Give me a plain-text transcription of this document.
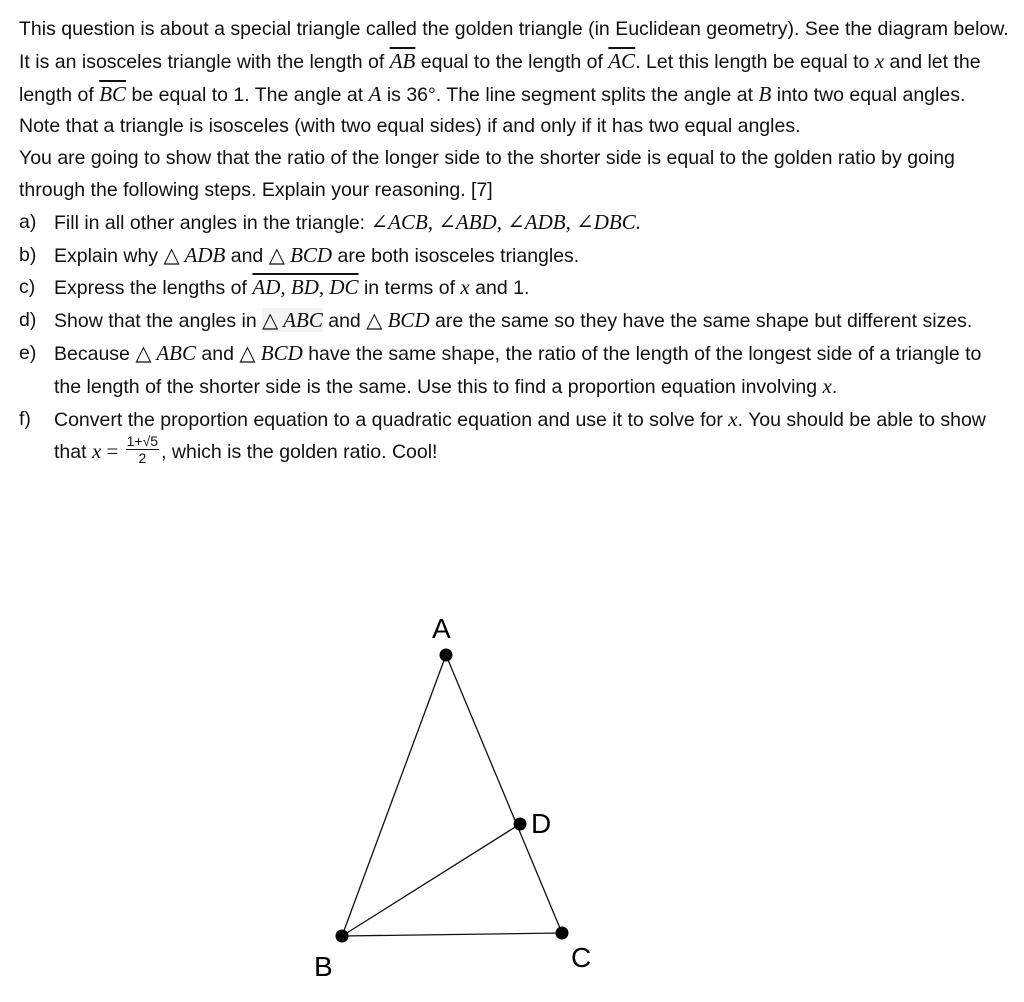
This question is about a special triangle called the golden triangle (in Euclidean geometry). See the diagram below. It is an isosceles triangle with the length of $\overline{AB}$ equal to the length of $\overline{AC}$. Let this length be equal to x and let the length of $\overline{BC}$ be equal to 1. The angle at A is 36°. The line segment splits the angle at B into two equal angles. Note that a triangle is isosceles (with two equal sides) if and only if it has two equal angles.

You are going to show that the ratio of the longer side to the shorter side is equal to the golden ratio by going through the following steps. Explain your reasoning. [7]

a) Fill in all other angles in the triangle: ∠ACB, ∠ABD, ∠ADB, ∠DBC.
b) Explain why △ ADB and △ BCD are both isosceles triangles.
c) Express the lengths of AD, BD, DC in terms of x and 1.
d) Show that the angles in △ ABC and △ BCD are the same so they have the same shape but different sizes.
e) Because △ ABC and △ BCD have the same shape, the ratio of the length of the longest side of a triangle to the length of the shorter side is the same. Use this to find a proportion equation involving x.
f)	Convert the proportion equation to a quadratic equation and use it to solve for x. You should be able to show that $x = \frac{1+√5}{2}$ , which is the golden ratio. Cool!
A
B	C
D
